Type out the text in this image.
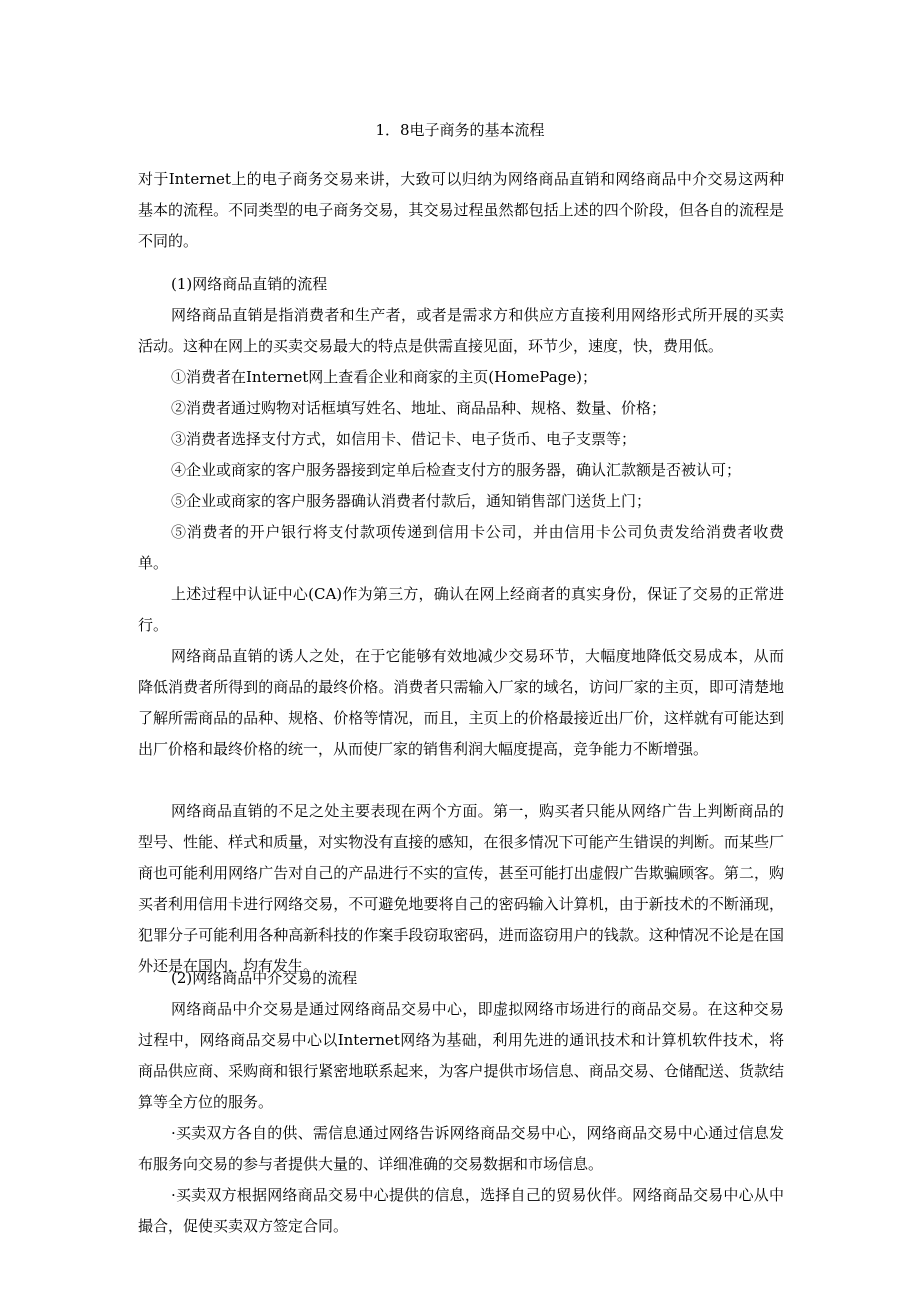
1．8电子商务的基本流程

对于Internet上的电子商务交易来讲，大致可以归纳为网络商品直销和网络商品中介交易这两种基本的流程。不同类型的电子商务交易，其交易过程虽然都包括上述的四个阶段，但各自的流程是不同的。

(1)网络商品直销的流程

网络商品直销是指消费者和生产者，或者是需求方和供应方直接利用网络形式所开展的买卖活动。这种在网上的买卖交易最大的特点是供需直接见面，环节少，速度，快，费用低。

①消费者在Internet网上查看企业和商家的主页(HomePage)；
②消费者通过购物对话框填写姓名、地址、商品品种、规格、数量、价格；
③消费者选择支付方式，如信用卡、借记卡、电子货币、电子支票等；
④企业或商家的客户服务器接到定单后检查支付方的服务器，确认汇款额是否被认可；
⑤企业或商家的客户服务器确认消费者付款后，通知销售部门送货上门；

⑤消费者的开户银行将支付款项传递到信用卡公司，并由信用卡公司负责发给消费者收费单。

上述过程中认证中心(CA)作为第三方，确认在网上经商者的真实身份，保证了交易的正常进行。

网络商品直销的诱人之处，在于它能够有效地减少交易环节，大幅度地降低交易成本，从而降低消费者所得到的商品的最终价格。消费者只需输入厂家的域名，访问厂家的主页，即可清楚地了解所需商品的品种、规格、价格等情况，而且，主页上的价格最接近出厂价，这样就有可能达到出厂价格和最终价格的统一，从而使厂家的销售利润大幅度提高，竞争能力不断增强。

网络商品直销的不足之处主要表现在两个方面。第一，购买者只能从网络广告上判断商品的型号、性能、样式和质量，对实物没有直接的感知，在很多情况下可能产生错误的判断。而某些厂商也可能利用网络广告对自己的产品进行不实的宣传，甚至可能打出虚假广告欺骗顾客。第二，购买者利用信用卡进行网络交易，不可避免地要将自己的密码输入计算机，由于新技术的不断涌现，犯罪分子可能利用各种高新科技的作案手段窃取密码，进而盗窃用户的钱款。这种情况不论是在国外还是在国内，均有发生。

(2)网络商品中介交易的流程

网络商品中介交易是通过网络商品交易中心，即虚拟网络市场进行的商品交易。在这种交易过程中，网络商品交易中心以Internet网络为基础，利用先进的通讯技术和计算机软件技术，将商品供应商、采购商和银行紧密地联系起来，为客户提供市场信息、商品交易、仓储配送、货款结算等全方位的服务。

·买卖双方各自的供、需信息通过网络告诉网络商品交易中心，网络商品交易中心通过信息发布服务向交易的参与者提供大量的、详细准确的交易数据和市场信息。

·买卖双方根据网络商品交易中心提供的信息，选择自己的贸易伙伴。网络商品交易中心从中撮合，促使买卖双方签定合同。
